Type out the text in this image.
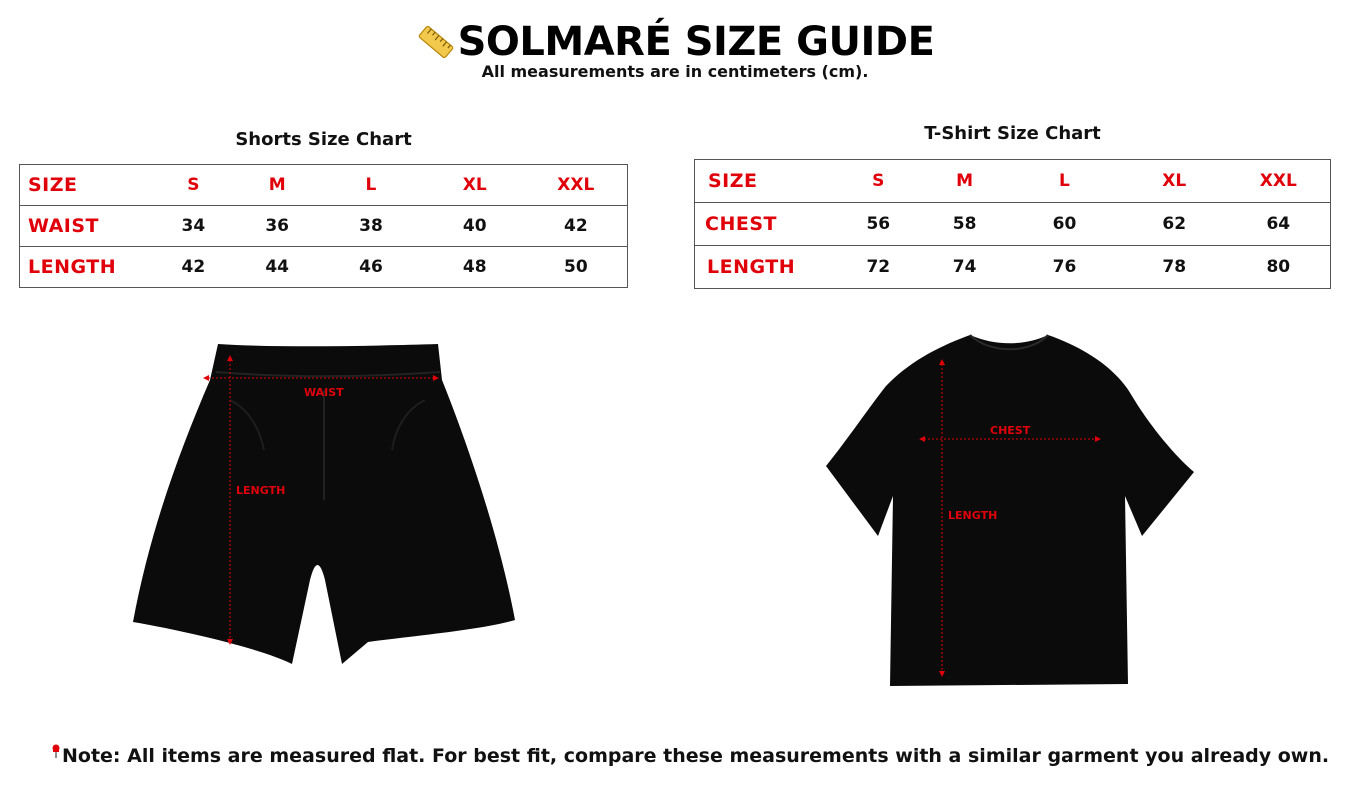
SOLMARÉ SIZE GUIDE
All measurements are in centimeters (cm).
Shorts Size Chart
SIZE	S	M	L	XL	XXL
WAIST	34	36	38	40	42
LENGTH	42	44	46	48	50
T-Shirt Size Chart
SIZE	S	M	L	XL	XXL
CHEST	56	58	60	62	64
LENGTH	72	74	76	78	80
WAIST
LENGTH
CHEST
LENGTH
Note: All items are measured flat. For best fit, compare these measurements with a similar garment you already own.
